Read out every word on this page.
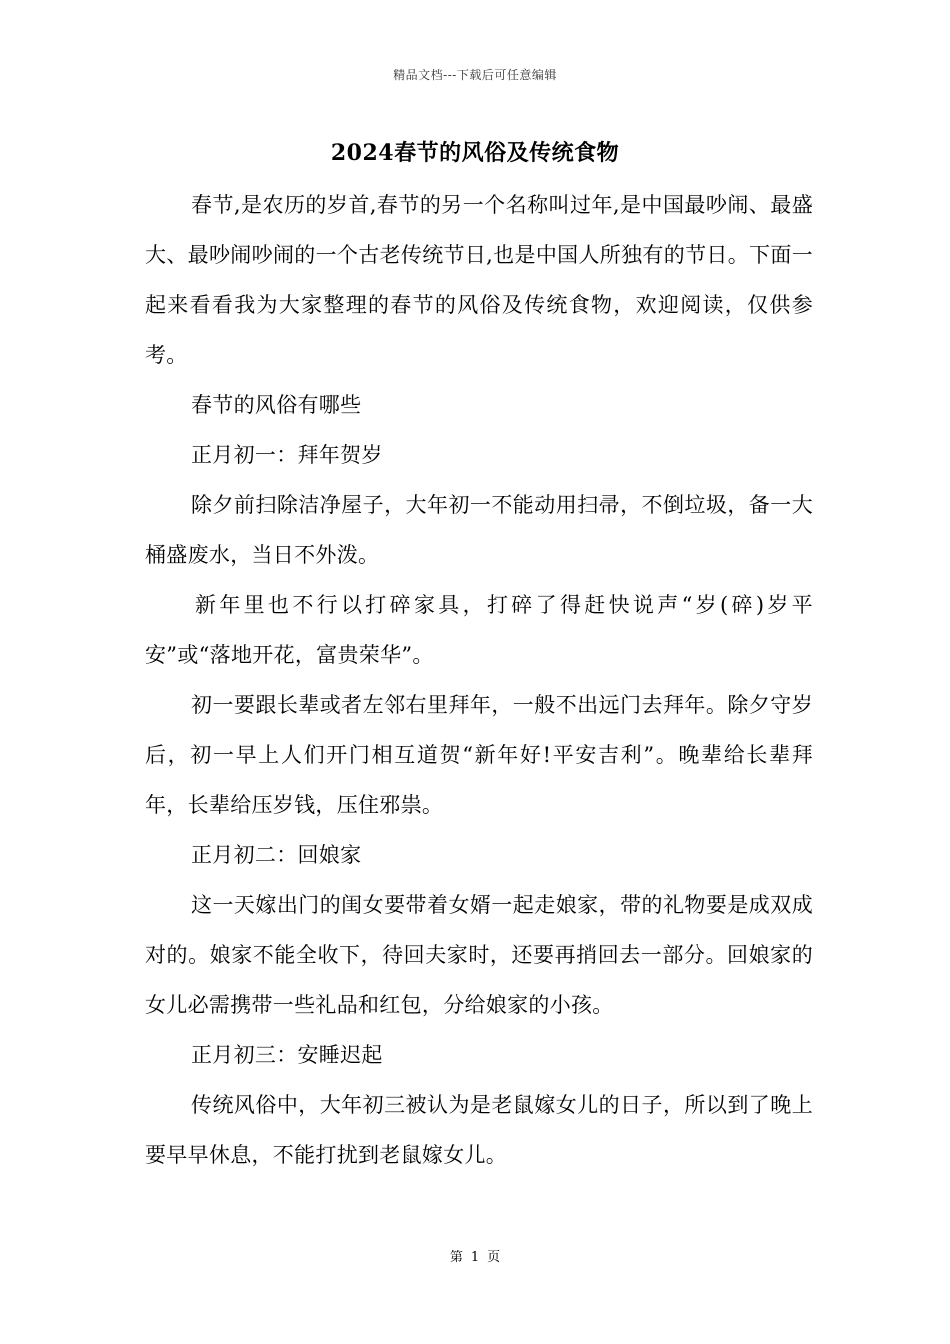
精品文档---下载后可任意编辑
2024春节的风俗及传统食物

春节,是农历的岁首,春节的另一个名称叫过年,是中国最吵闹、最盛大、最吵闹吵闹的一个古老传统节日,也是中国人所独有的节日。下面一起来看看我为大家整理的春节的风俗及传统食物，欢迎阅读，仅供参考。

春节的风俗有哪些

正月初一：拜年贺岁

除夕前扫除洁净屋子，大年初一不能动用扫帚，不倒垃圾，备一大桶盛废水，当日不外泼。

新年里也不行以打碎家具，打碎了得赶快说声“岁(碎)岁平安”或“落地开花，富贵荣华”。

初一要跟长辈或者左邻右里拜年，一般不出远门去拜年。除夕守岁后，初一早上人们开门相互道贺“新年好!平安吉利”。晚辈给长辈拜年，长辈给压岁钱，压住邪祟。

正月初二：回娘家

这一天嫁出门的闺女要带着女婿一起走娘家，带的礼物要是成双成对的。娘家不能全收下，待回夫家时，还要再捎回去一部分。回娘家的女儿必需携带一些礼品和红包，分给娘家的小孩。

正月初三：安睡迟起

传统风俗中，大年初三被认为是老鼠嫁女儿的日子，所以到了晚上要早早休息，不能打扰到老鼠嫁女儿。

第 1 页
